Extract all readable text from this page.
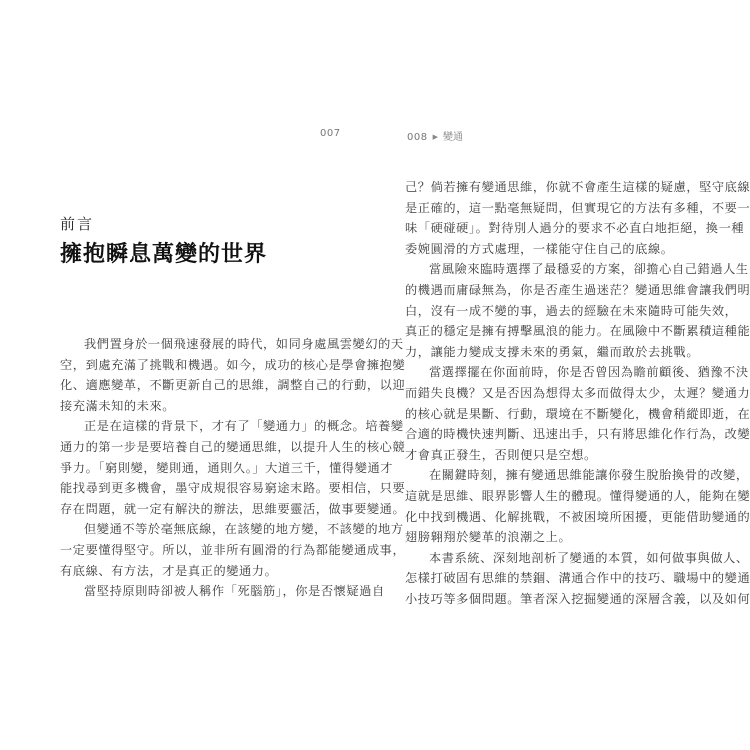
007
前言
擁抱瞬息萬變的世界
我們置身於一個飛速發展的時代，如同身處風雲變幻的天
空，到處充滿了挑戰和機遇。如今，成功的核心是學會擁抱變
化、適應變革，不斷更新自己的思維，調整自己的行動，以迎
接充滿未知的未來。
正是在這樣的背景下，才有了「變通力」的概念。培養變
通力的第一步是要培養自己的變通思維，以提升人生的核心競
爭力。「窮則變，變則通，通則久。」大道三千，懂得變通才
能找尋到更多機會，墨守成規很容易窮途末路。要相信，只要
存在問題，就一定有解決的辦法，思維要靈活，做事要變通。
但變通不等於毫無底線，在該變的地方變，不該變的地方
一定要懂得堅守。所以，並非所有圓滑的行為都能變通成事，
有底線、有方法，才是真正的變通力。
當堅持原則時卻被人稱作「死腦筋」，你是否懷疑過自
008 ▶ 變通
己？倘若擁有變通思維，你就不會產生這樣的疑慮，堅守底線
是正確的，這一點毫無疑問，但實現它的方法有多種，不要一
味「硬碰硬」。對待別人過分的要求不必直白地拒絕，換一種
委婉圓滑的方式處理，一樣能守住自己的底線。
當風險來臨時選擇了最穩妥的方案，卻擔心自己錯過人生
的機遇而庸碌無為，你是否產生過迷茫？變通思維會讓我們明
白，沒有一成不變的事，過去的經驗在未來隨時可能失效，
真正的穩定是擁有搏擊風浪的能力。在風險中不斷累積這種能
力，讓能力變成支撐未來的勇氣，繼而敢於去挑戰。
當選擇擺在你面前時，你是否曾因為瞻前顧後、猶豫不決
而錯失良機？又是否因為想得太多而做得太少，太遲？變通力
的核心就是果斷、行動，環境在不斷變化，機會稍縱即逝，在
合適的時機快速判斷、迅速出手，只有將思維化作行為，改變
才會真正發生，否則便只是空想。
在關鍵時刻，擁有變通思維能讓你發生脫胎換骨的改變，
這就是思維、眼界影響人生的體現。懂得變通的人，能夠在變
化中找到機遇、化解挑戰，不被困境所困擾，更能借助變通的
翅膀翱翔於變革的浪潮之上。
本書系統、深刻地剖析了變通的本質，如何做事與做人、
怎樣打破固有思維的禁錮、溝通合作中的技巧、職場中的變通
小技巧等多個問題。筆者深入挖掘變通的深層含義，以及如何
